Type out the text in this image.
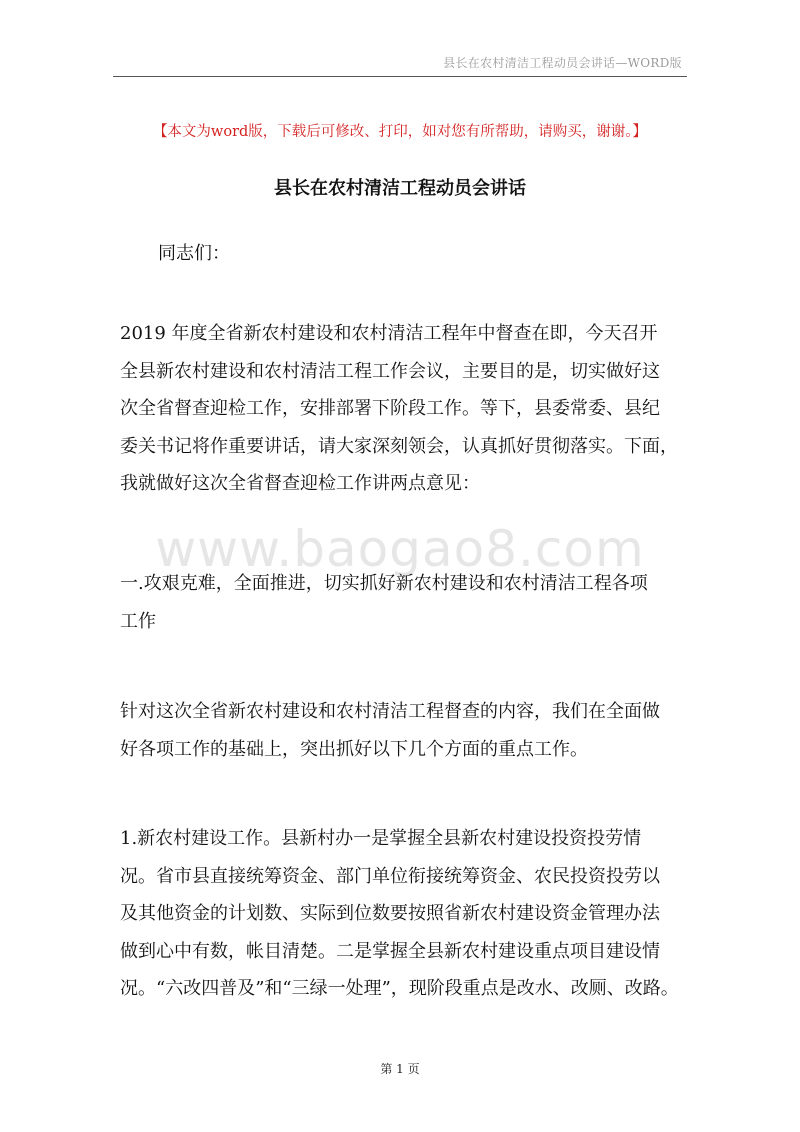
县长在农村清洁工程动员会讲话—WORD版
【本文为word版，下载后可修改、打印，如对您有所帮助，请购买，谢谢。】
县长在农村清洁工程动员会讲话
同志们：
2019 年度全省新农村建设和农村清洁工程年中督查在即，今天召开
全县新农村建设和农村清洁工程工作会议，主要目的是，切实做好这
次全省督查迎检工作，安排部署下阶段工作。等下，县委常委、县纪
委关书记将作重要讲话，请大家深刻领会，认真抓好贯彻落实。下面，
我就做好这次全省督查迎检工作讲两点意见：
www.baogao8.com
一.攻艰克难，全面推进，切实抓好新农村建设和农村清洁工程各项
工作
针对这次全省新农村建设和农村清洁工程督查的内容，我们在全面做
好各项工作的基础上，突出抓好以下几个方面的重点工作。
1.新农村建设工作。县新村办一是掌握全县新农村建设投资投劳情
况。省市县直接统筹资金、部门单位衔接统筹资金、农民投资投劳以
及其他资金的计划数、实际到位数要按照省新农村建设资金管理办法
做到心中有数，帐目清楚。二是掌握全县新农村建设重点项目建设情
况。“六改四普及”和“三绿一处理”，现阶段重点是改水、改厕、改路。
第 1 页
